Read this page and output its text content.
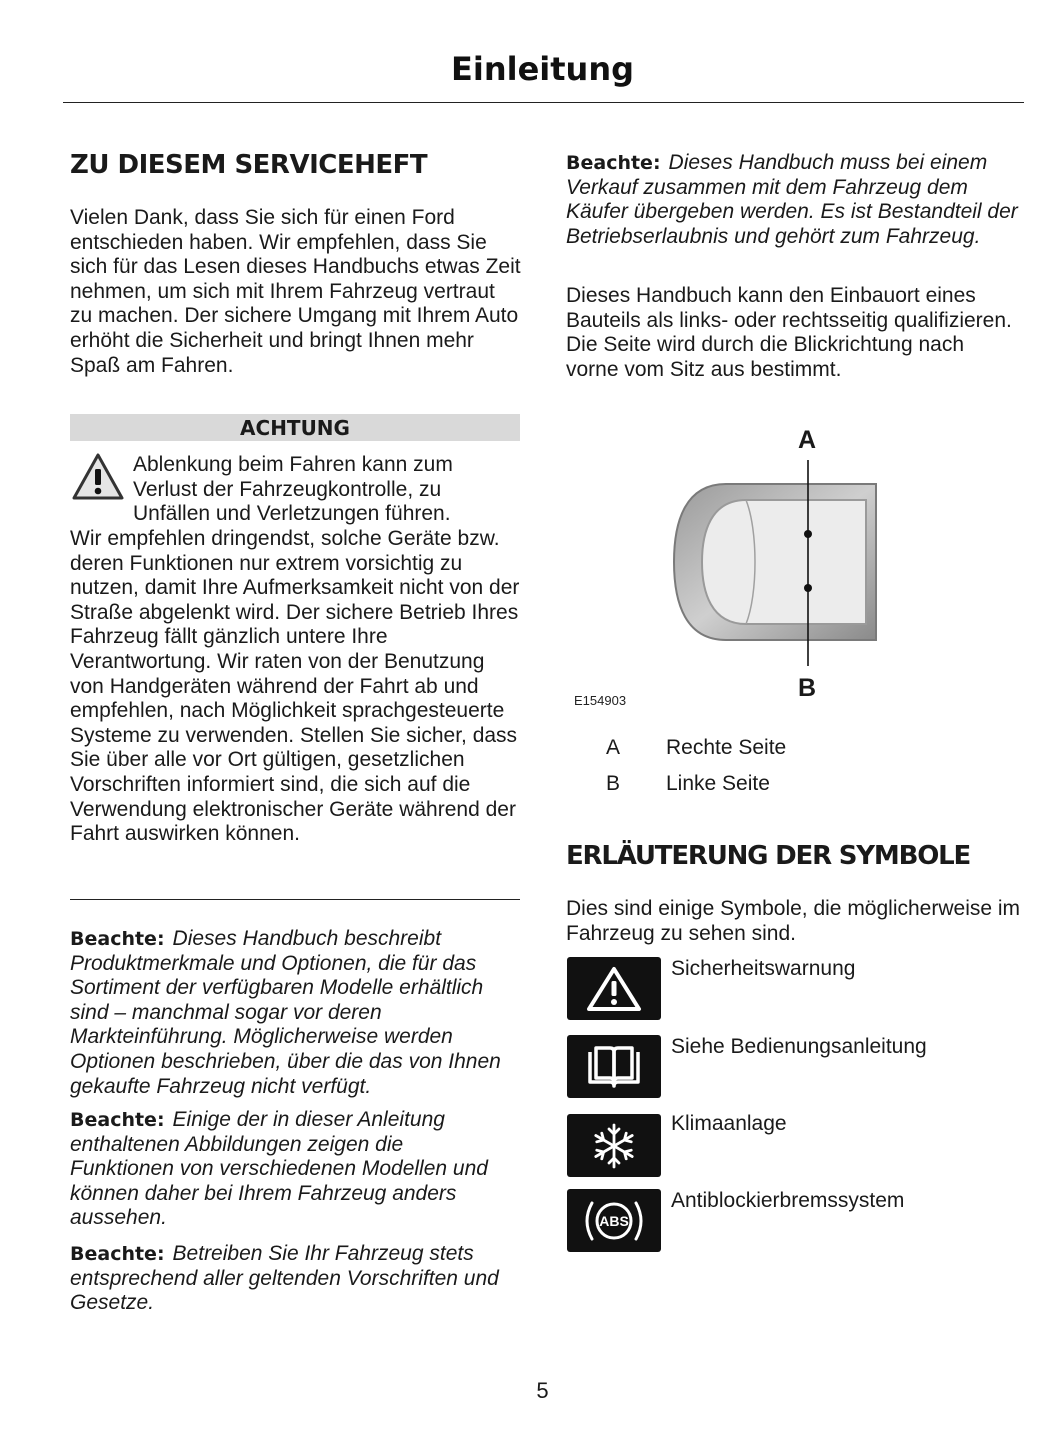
Einleitung
ZU DIESEM SERVICEHEFT
Vielen Dank, dass Sie sich für einen Ford entschieden haben. Wir empfehlen, dass Sie sich für das Lesen dieses Handbuchs etwas Zeit nehmen, um sich mit Ihrem Fahrzeug vertraut zu machen. Der sichere Umgang mit Ihrem Auto erhöht die Sicherheit und bringt Ihnen mehr Spaß am Fahren.
ACHTUNG
Ablenkung beim Fahren kann zum Verlust der Fahrzeugkontrolle, zu Unfällen und Verletzungen führen.
Wir empfehlen dringendst, solche Geräte bzw. deren Funktionen nur extrem vorsichtig zu nutzen, damit Ihre Aufmerksamkeit nicht von der Straße abgelenkt wird. Der sichere Betrieb Ihres Fahrzeug fällt gänzlich untere Ihre Verantwortung. Wir raten von der Benutzung von Handgeräten während der Fahrt ab und empfehlen, nach Möglichkeit sprachgesteuerte Systeme zu verwenden. Stellen Sie sicher, dass Sie über alle vor Ort gültigen, gesetzlichen Vorschriften informiert sind, die sich auf die Verwendung elektronischer Geräte während der Fahrt auswirken können.
Beachte: Dieses Handbuch beschreibt Produktmerkmale und Optionen, die für das Sortiment der verfügbaren Modelle erhältlich sind – manchmal sogar vor deren Markteinführung. Möglicherweise werden Optionen beschrieben, über die das von Ihnen gekaufte Fahrzeug nicht verfügt.
Beachte: Einige der in dieser Anleitung enthaltenen Abbildungen zeigen die Funktionen von verschiedenen Modellen und können daher bei Ihrem Fahrzeug anders aussehen.
Beachte: Betreiben Sie Ihr Fahrzeug stets entsprechend aller geltenden Vorschriften und Gesetze.
Beachte: Dieses Handbuch muss bei einem Verkauf zusammen mit dem Fahrzeug dem Käufer übergeben werden. Es ist Bestandteil der Betriebserlaubnis und gehört zum Fahrzeug.
Dieses Handbuch kann den Einbauort eines Bauteils als links- oder rechtsseitig qualifizieren. Die Seite wird durch die Blickrichtung nach vorne vom Sitz aus bestimmt.
A
B
E154903
A Rechte Seite
B Linke Seite
ERLÄUTERUNG DER SYMBOLE
Dies sind einige Symbole, die möglicherweise im Fahrzeug zu sehen sind.
Sicherheitswarnung
Siehe Bedienungsanleitung
Klimaanlage
ABS
Antiblockierbremssystem
5
